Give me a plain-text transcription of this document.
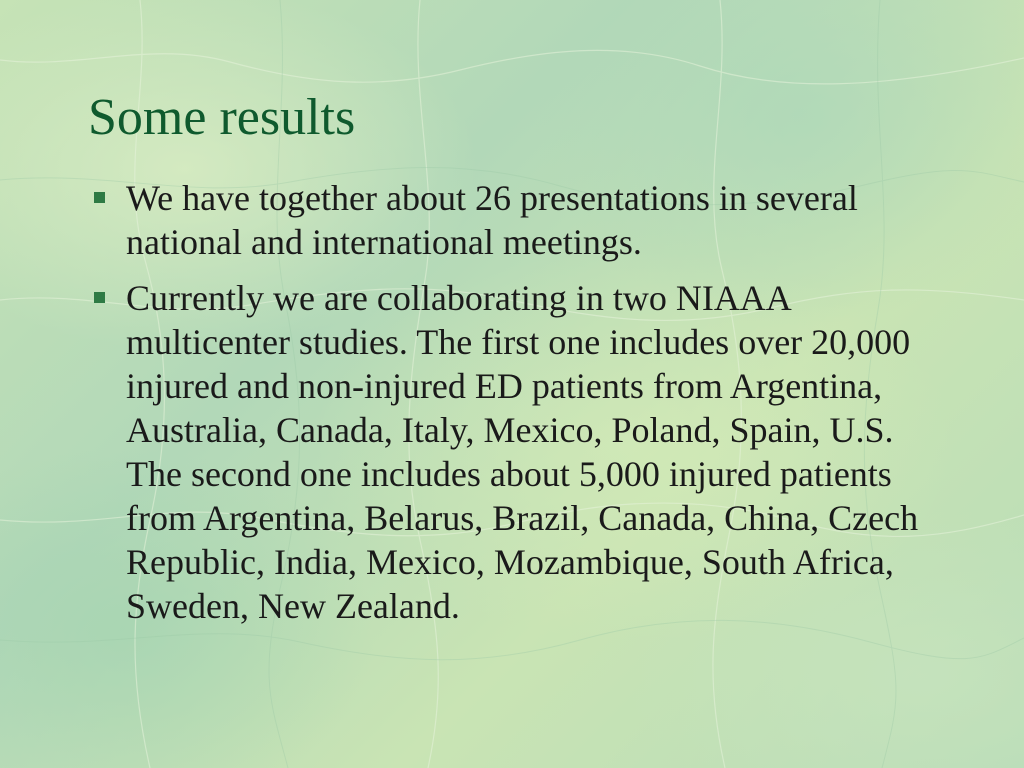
Some results
We have together about 26 presentations in several national and international meetings.
Currently we are collaborating in two NIAAA multicenter studies. The first one includes over 20,000 injured and non-injured ED patients from Argentina, Australia, Canada, Italy, Mexico, Poland, Spain, U.S. The second one includes about 5,000 injured patients from Argentina, Belarus, Brazil, Canada, China, Czech Republic, India, Mexico, Mozambique, South Africa, Sweden, New Zealand.
